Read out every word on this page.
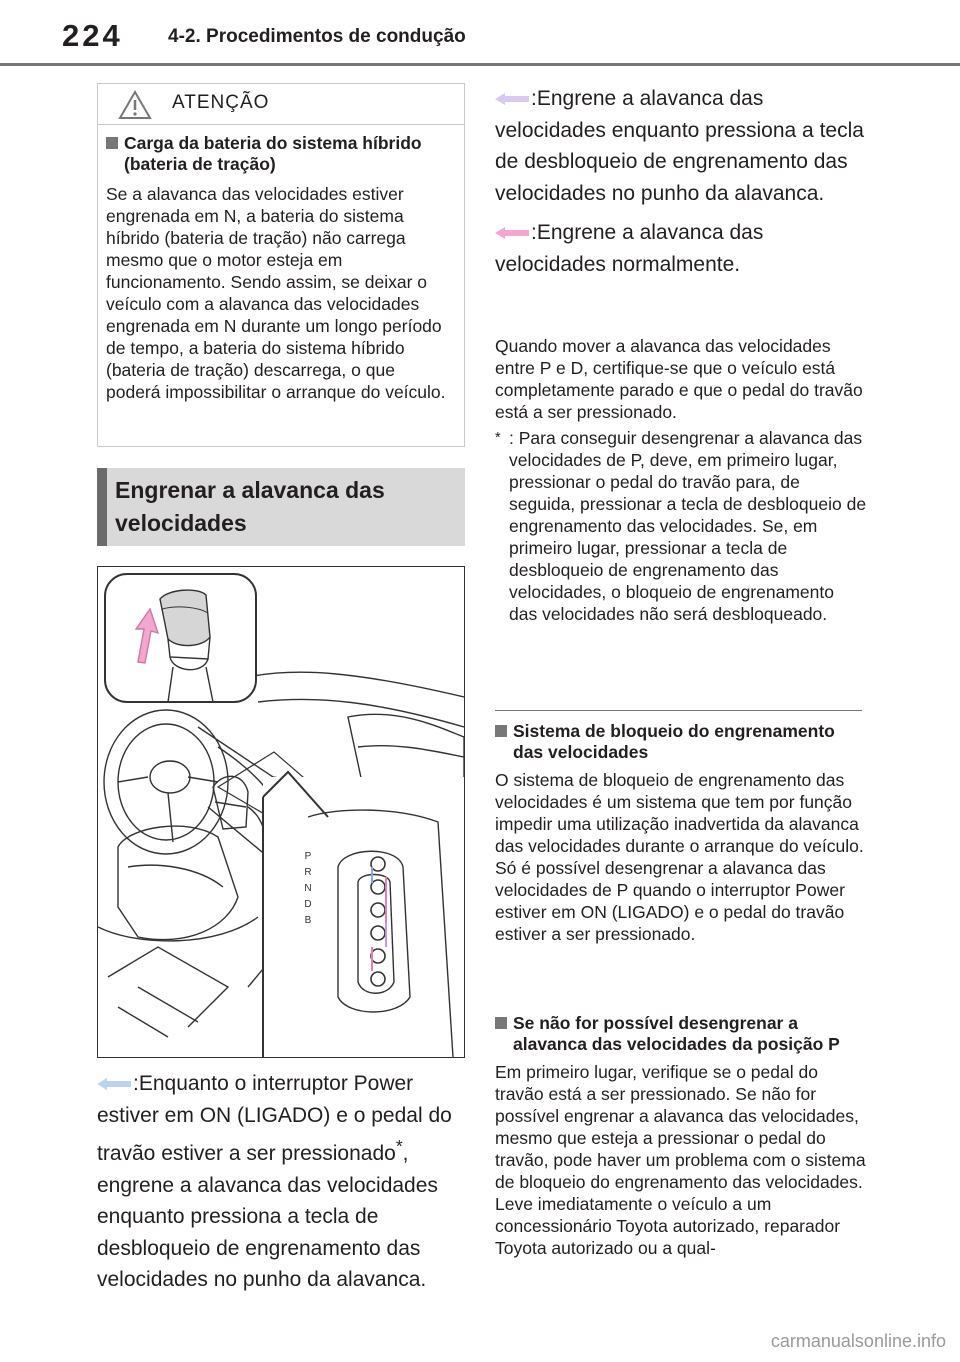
224 4-2. Procedimentos de condução
ATENÇÃO
Carga da bateria do sistema híbrido (bateria de tração)

Se a alavanca das velocidades estiver engrenada em N, a bateria do sistema híbrido (bateria de tração) não carrega mesmo que o motor esteja em funcionamento. Sendo assim, se deixar o veículo com a alavanca das velocidades engrenada em N durante um longo período de tempo, a bateria do sistema híbrido (bateria de tração) descarrega, o que poderá impossibilitar o arranque do veículo.

Engrenar a alavanca das velocidades
P
R
N
D
B
:Enquanto o interruptor Power estiver em ON (LIGADO) e o pedal do travão estiver a ser pressionado*, engrene a alavanca das velocidades enquanto pressiona a tecla de desbloqueio de engrenamento das velocidades no punho da alavanca.
:Engrene a alavanca das velocidades enquanto pressiona a tecla de desbloqueio de engrenamento das velocidades no punho da alavanca.
:Engrene a alavanca das velocidades normalmente.

Quando mover a alavanca das velocidades entre P e D, certifique-se que o veículo está completamente parado e que o pedal do travão está a ser pressionado.

* : Para conseguir desengrenar a alavanca das velocidades de P, deve, em primeiro lugar, pressionar o pedal do travão para, de seguida, pressionar a tecla de desbloqueio de engrenamento das velocidades. Se, em primeiro lugar, pressionar a tecla de desbloqueio de engrenamento das velocidades, o bloqueio de engrenamento das velocidades não será desbloqueado.
Sistema de bloqueio do engrenamento das velocidades

O sistema de bloqueio de engrenamento das velocidades é um sistema que tem por função impedir uma utilização inadvertida da alavanca das velocidades durante o arranque do veículo. Só é possível desengrenar a alavanca das velocidades de P quando o interruptor Power estiver em ON (LIGADO) e o pedal do travão estiver a ser pressionado.

Se não for possível desengrenar a alavanca das velocidades da posição P

Em primeiro lugar, verifique se o pedal do travão está a ser pressionado. Se não for possível engrenar a alavanca das velocidades, mesmo que esteja a pressionar o pedal do travão, pode haver um problema com o sistema de bloqueio do engrenamento das velocidades. Leve imediatamente o veículo a um concessionário Toyota autorizado, reparador Toyota autorizado ou a qual-

carmanualsonline.info
